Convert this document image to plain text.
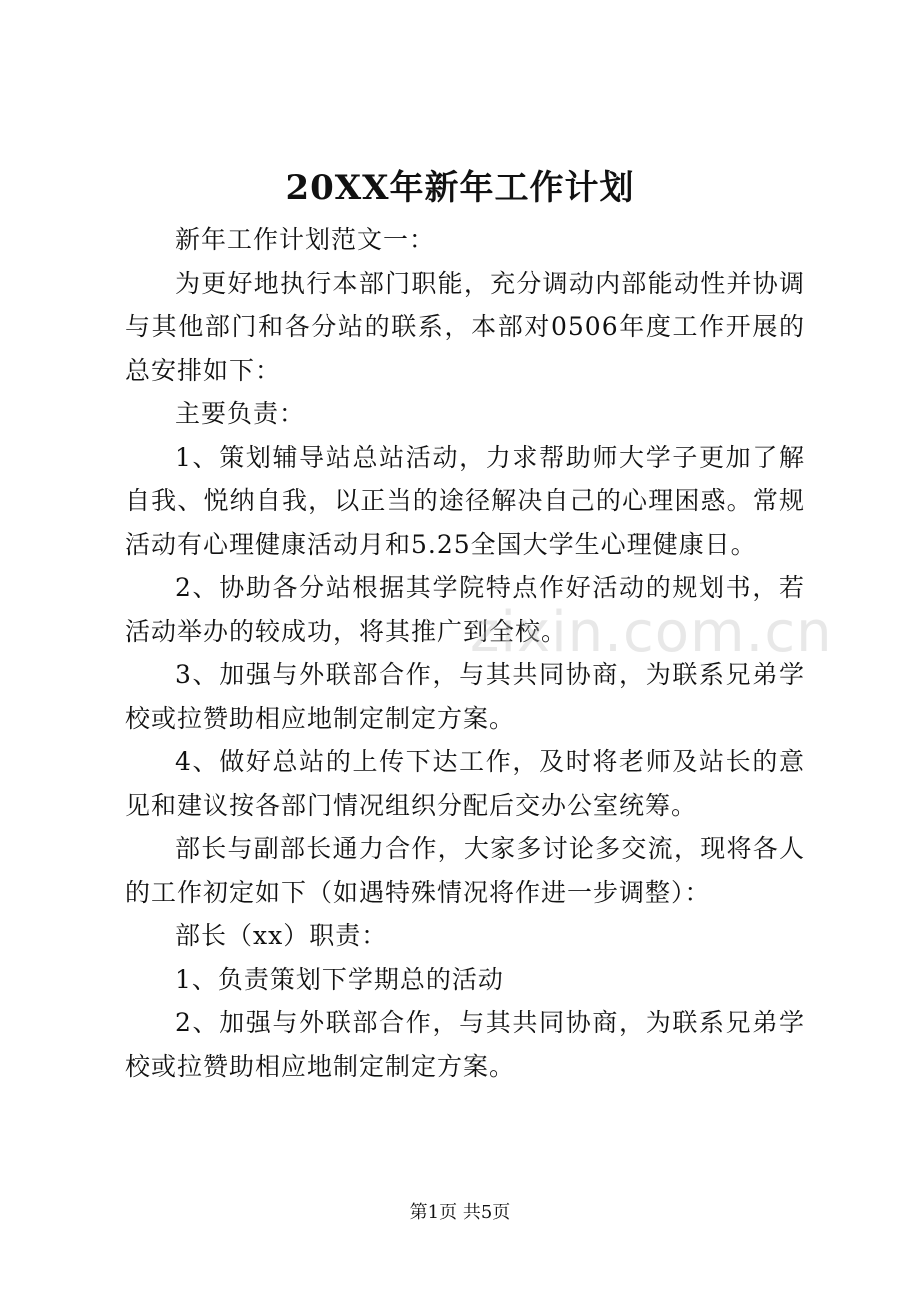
20XX年新年工作计划

新年工作计划范文一：

为更好地执行本部门职能，充分调动内部能动性并协调与其他部门和各分站的联系，本部对0506年度工作开展的总安排如下：

主要负责：

1、策划辅导站总站活动，力求帮助师大学子更加了解自我、悦纳自我，以正当的途径解决自己的心理困惑。常规活动有心理健康活动月和5.25全国大学生心理健康日。

2、协助各分站根据其学院特点作好活动的规划书，若活动举办的较成功，将其推广到全校。

3、加强与外联部合作，与其共同协商，为联系兄弟学校或拉赞助相应地制定制定方案。

4、做好总站的上传下达工作，及时将老师及站长的意见和建议按各部门情况组织分配后交办公室统筹。

部长与副部长通力合作，大家多讨论多交流，现将各人的工作初定如下（如遇特殊情况将作进一步调整）：

部长（xx）职责：

1、负责策划下学期总的活动

2、加强与外联部合作，与其共同协商，为联系兄弟学校或拉赞助相应地制定制定方案。

zixin.com.cn
第1页 共5页
